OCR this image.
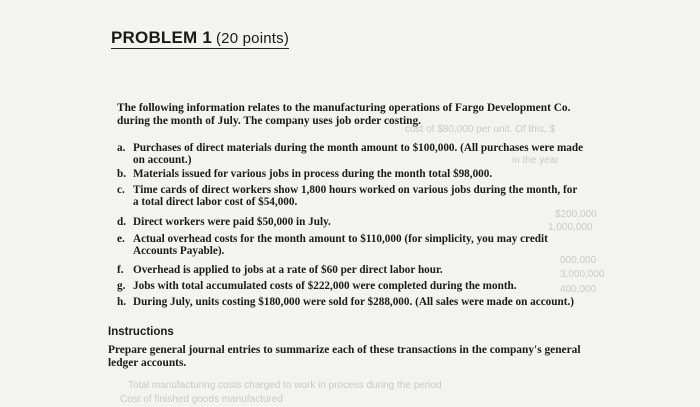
PROBLEM 1 (20 points)
cost of $80,000 per unit. Of this, $
in the year
$200,000
1,000,000
000,000
3,000,000
400,000
Total manufacturing costs charged to work in process during the period
Cost of finished goods manufactured
The following information relates to the manufacturing operations of Fargo Development Co. during the month of July. The company uses job order costing.
a. Purchases of direct materials during the month amount to $100,000. (All purchases were made
on account.)
b. Materials issued for various jobs in process during the month total $98,000.
c. Time cards of direct workers show 1,800 hours worked on various jobs during the month, for
a total direct labor cost of $54,000.
d. Direct workers were paid $50,000 in July.
e. Actual overhead costs for the month amount to $110,000 (for simplicity, you may credit
Accounts Payable).
f. Overhead is applied to jobs at a rate of $60 per direct labor hour.
g. Jobs with total accumulated costs of $222,000 were completed during the month.
h. During July, units costing $180,000 were sold for $288,000. (All sales were made on account.)
Instructions
Prepare general journal entries to summarize each of these transactions in the company's general ledger accounts.
